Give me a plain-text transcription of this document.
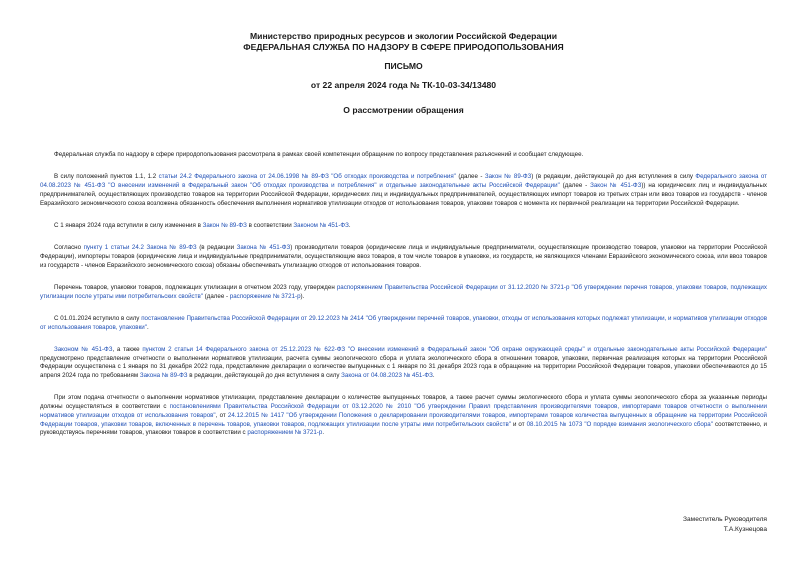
Министерство природных ресурсов и экологии Российской Федерации
ФЕДЕРАЛЬНАЯ СЛУЖБА ПО НАДЗОРУ В СФЕРЕ ПРИРОДОПОЛЬЗОВАНИЯ
ПИСЬМО
от 22 апреля 2024 года № ТК-10-03-34/13480
О рассмотрении обращения

Федеральная служба по надзору в сфере природопользования рассмотрела в рамках своей компетенции обращение по вопросу представления разъяснений и сообщает следующее.

В силу положений пунктов 1.1, 1.2 статьи 24.2 Федерального закона от 24.06.1998 № 89-ФЗ "Об отходах производства и потребления" (далее - Закон № 89-ФЗ) (в редакции, действующей до дня вступления в силу Федерального закона от 04.08.2023 № 451-ФЗ "О внесении изменений в Федеральный закон "Об отходах производства и потребления" и отдельные законодательные акты Российской Федерации" (далее - Закон № 451-ФЗ)) на юридических лиц и индивидуальных предпринимателей, осуществляющих производство товаров на территории Российской Федерации, юридических лиц и индивидуальных предпринимателей, осуществляющих импорт товаров из третьих стран или ввоз товаров из государств - членов Евразийского экономического союза возложена обязанность обеспечения выполнения нормативов утилизации отходов от использования товаров, упаковки товаров с момента их первичной реализации на территории Российской Федерации.

С 1 января 2024 года вступили в силу изменения в Закон № 89-ФЗ в соответствии Законом № 451-ФЗ.

Согласно пункту 1 статьи 24.2 Закона № 89-ФЗ (в редакции Закона № 451-ФЗ) производители товаров (юридические лица и индивидуальные предприниматели, осуществляющие производство товаров, упаковки на территории Российской Федерации), импортеры товаров (юридические лица и индивидуальные предприниматели, осуществляющие ввоз товаров, в том числе товаров в упаковке, из государств, не являющихся членами Евразийского экономического союза, или ввоз товаров из государств - членов Евразийского экономического союза) обязаны обеспечивать утилизацию отходов от использования товаров.

Перечень товаров, упаковки товаров, подлежащих утилизации в отчетном 2023 году, утвержден распоряжением Правительства Российской Федерации от 31.12.2020 № 3721-р "Об утверждении перечня товаров, упаковки товаров, подлежащих утилизации после утраты ими потребительских свойств" (далее - распоряжение № 3721-р).

С 01.01.2024 вступило в силу постановление Правительства Российской Федерации от 29.12.2023 № 2414 "Об утверждении перечней товаров, упаковки, отходы от использования которых подлежат утилизации, и нормативов утилизации отходов от использования товаров, упаковки".

Законом № 451-ФЗ, а также пунктом 2 статьи 14 Федерального закона от 25.12.2023 № 622-ФЗ "О внесении изменений в Федеральный закон "Об охране окружающей среды" и отдельные законодательные акты Российской Федерации" предусмотрено представление отчетности о выполнении нормативов утилизации, расчета суммы экологического сбора и уплата экологического сбора в отношении товаров, упаковки, первичная реализация которых на территории Российской Федерации осуществлена с 1 января по 31 декабря 2022 года, представление декларации о количестве выпущенных с 1 января по 31 декабря 2023 года в обращение на территории Российской Федерации товаров, упаковки обеспечиваются до 15 апреля 2024 года по требованиям Закона № 89-ФЗ в редакции, действующей до дня вступления в силу Закона от 04.08.2023 № 451-ФЗ.

При этом подача отчетности о выполнении нормативов утилизации, представление декларации о количестве выпущенных товаров, а также расчет суммы экологического сбора и уплата суммы экологического сбора за указанные периоды должны осуществляться в соответствии с постановлениями Правительства Российской Федерации от 03.12.2020 № 2010 "Об утверждении Правил представления производителями товаров, импортерами товаров отчетности о выполнении нормативов утилизации отходов от использования товаров", от 24.12.2015 № 1417 "Об утверждении Положения о декларировании производителями товаров, импортерами товаров количества выпущенных в обращение на территории Российской Федерации товаров, упаковки товаров, включенных в перечень товаров, упаковки товаров, подлежащих утилизации после утраты ими потребительских свойств" и от 08.10.2015 № 1073 "О порядке взимания экологического сбора" соответственно, и руководствуясь перечнями товаров, упаковки товаров в соответствии с распоряжением № 3721-р.

Заместитель Руководителя
Т.А.Кузнецова
